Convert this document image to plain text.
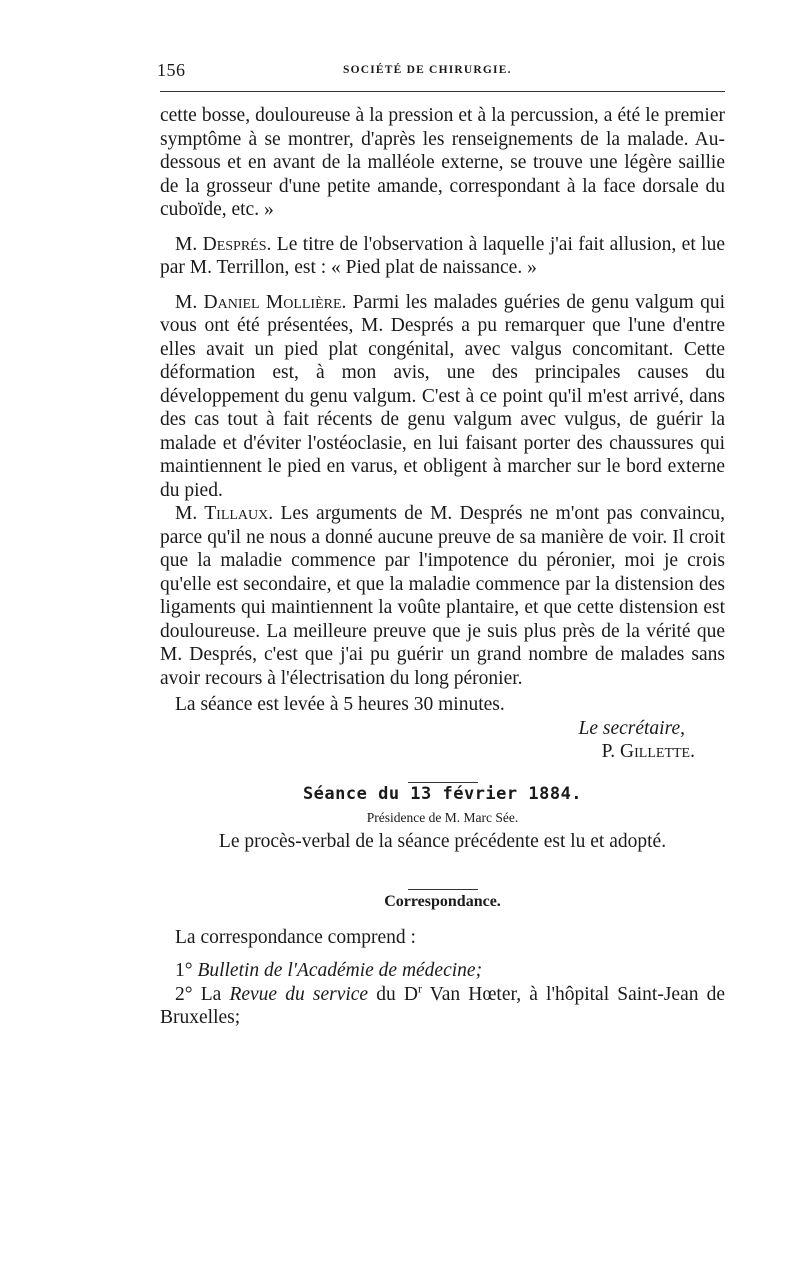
156	SOCIÉTÉ DE CHIRURGIE.

cette bosse, douloureuse à la pression et à la percussion, a été le premier symptôme à se montrer, d'après les renseignements de la malade. Au-dessous et en avant de la malléole externe, se trouve une légère saillie de la grosseur d'une petite amande, correspondant à la face dorsale du cuboïde, etc. »

M. Després. Le titre de l'observation à laquelle j'ai fait allusion, et lue par M. Terrillon, est : « Pied plat de naissance. »

M. Daniel Mollière. Parmi les malades guéries de genu valgum qui vous ont été présentées, M. Després a pu remarquer que l'une d'entre elles avait un pied plat congénital, avec valgus concomitant. Cette déformation est, à mon avis, une des principales causes du développement du genu valgum. C'est à ce point qu'il m'est arrivé, dans des cas tout à fait récents de genu valgum avec vulgus, de guérir la malade et d'éviter l'ostéoclasie, en lui faisant porter des chaussures qui maintiennent le pied en varus, et obligent à marcher sur le bord externe du pied.

M. Tillaux. Les arguments de M. Després ne m'ont pas convaincu, parce qu'il ne nous a donné aucune preuve de sa manière de voir. Il croit que la maladie commence par l'impotence du péronier, moi je crois qu'elle est secondaire, et que la maladie commence par la distension des ligaments qui maintiennent la voûte plantaire, et que cette distension est douloureuse. La meilleure preuve que je suis plus près de la vérité que M. Després, c'est que j'ai pu guérir un grand nombre de malades sans avoir recours à l'électrisation du long péronier.

La séance est levée à 5 heures 30 minutes.

Le secrétaire,

P. Gillette.

Séance du 13 février 1884.

Présidence de M. Marc Sée.

Le procès-verbal de la séance précédente est lu et adopté.

Correspondance.

La correspondance comprend :

1° Bulletin de l'Académie de médecine;

2° La Revue du service du $D^r$ Van Hœter, à l'hôpital Saint-Jean de Bruxelles;
